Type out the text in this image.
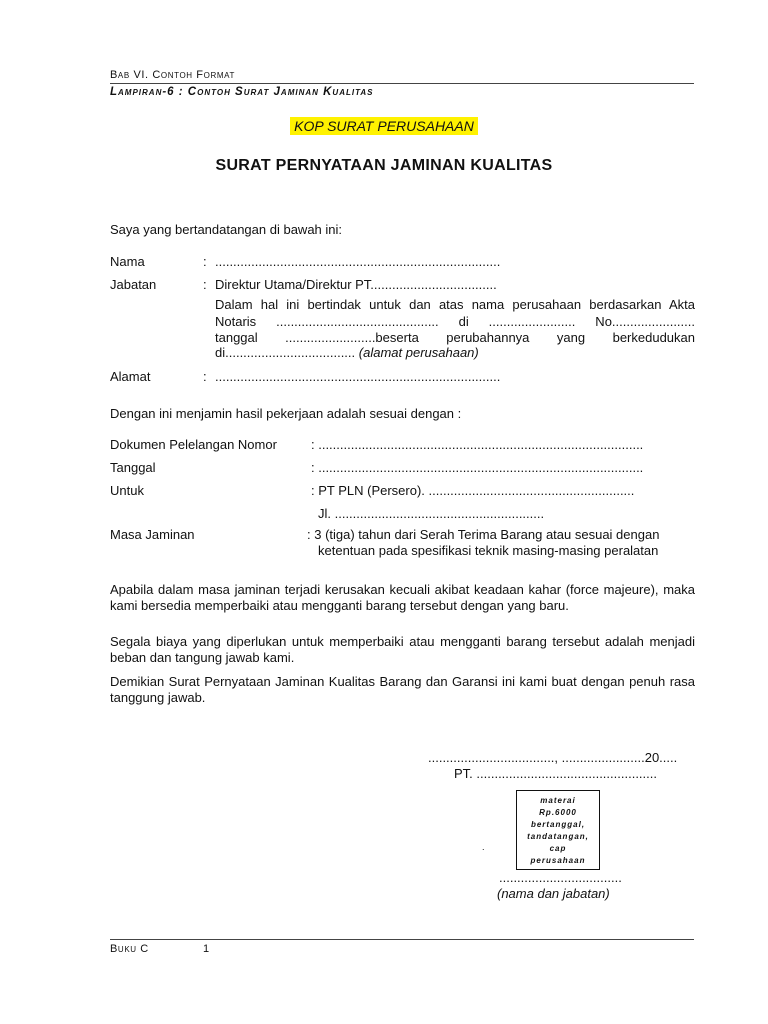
Bab VI. Contoh Format
Lampiran-6 : Contoh Surat Jaminan Kualitas
KOP SURAT PERUSAHAAN
SURAT PERNYATAAN JAMINAN KUALITAS
Saya yang bertandatangan di bawah ini:
Nama	: ...............................................................................
Jabatan	: Direktur Utama/Direktur PT...................................
Dalam hal ini bertindak untuk dan atas nama perusahaan berdasarkan Akta
Notaris ............................................. di ........................ No.......................
tanggal .........................beserta perubahannya yang berkedudukan
di.................................... (alamat perusahaan)
Alamat	: ...............................................................................
Dengan ini menjamin hasil pekerjaan adalah sesuai dengan :
Dokumen Pelelangan Nomor	: ..........................................................................................
Tanggal	: ..........................................................................................
Untuk	: PT PLN (Persero). .........................................................
Jl. ..........................................................
Masa Jaminan	: 3 (tiga) tahun dari Serah Terima Barang atau sesuai dengan
ketentuan pada spesifikasi teknik masing-masing peralatan
Apabila dalam masa jaminan terjadi kerusakan kecuali akibat keadaan kahar (force majeure), maka kami bersedia memperbaiki atau mengganti barang tersebut dengan yang baru.
Segala biaya yang diperlukan untuk memperbaiki atau mengganti barang tersebut adalah menjadi beban dan tangung jawab kami.
Demikian Surat Pernyataan Jaminan Kualitas Barang dan Garansi ini kami buat dengan penuh rasa tanggung jawab.
..................................., .......................20.....
PT. ..................................................
materai
Rp.6000
bertanggal,
tandatangan,
cap
perusahaan
.
..................................
(nama dan jabatan)
Buku C	1
